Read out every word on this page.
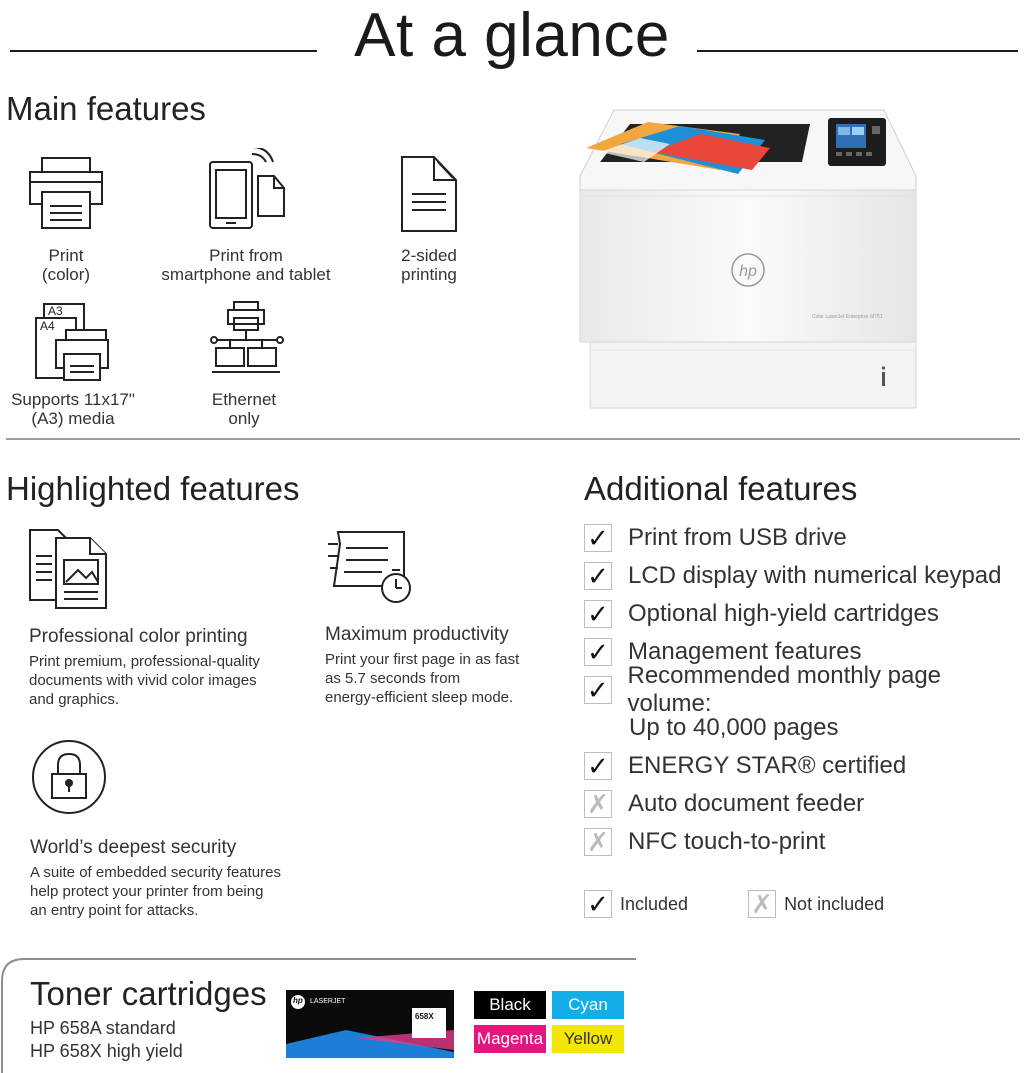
At a glance
Main features
Print
(color)
Print from
smartphone and tablet
2-sided
printing
A3
A4
Supports 11x17"
(A3) media
Ethernet
only
hp
Color LaserJet Enterprise M751
Highlighted features
Professional color printing
Print premium, professional-quality
documents with vivid color images
and graphics.
Maximum productivity
Print your first page in as fast
as 5.7 seconds from
energy-efficient sleep mode.
World’s deepest security
A suite of embedded security features
help protect your printer from being
an entry point for attacks.
Additional features
✓ Print from USB drive
✓ LCD display with numerical keypad
✓ Optional high-yield cartridges
✓ Management features
✓ Recommended monthly page volume:
Up to 40,000 pages
✓ ENERGY STAR® certified
✗ Auto document feeder
✗ NFC touch-to-print
✓ Included ✗ Not included
Toner cartridges
HP 658A standard
HP 658X high yield
hp LASERJET
658X
Black	Cyan
Magenta	Yellow
